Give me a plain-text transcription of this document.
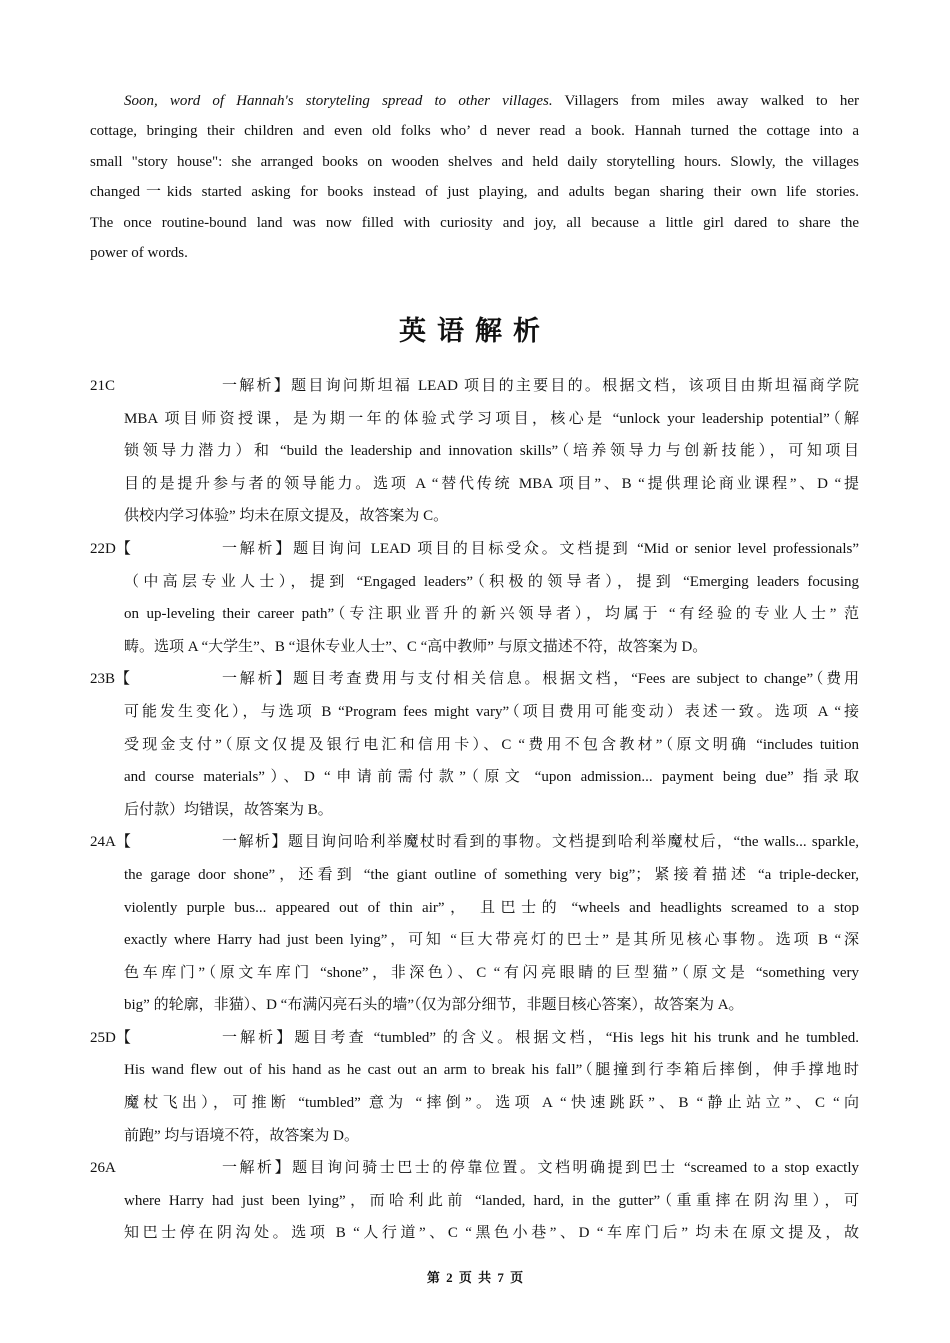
Soon, word of Hannah's storyteling spread to other villages. Villagers from miles away walked to her
cottage, bringing their children and even old folks who’ d never read a book. Hannah turned the cottage into a
small "story house": she arranged books on wooden shelves and held daily storytelling hours. Slowly, the villages
changed一kids started asking for books instead of just playing, and adults began sharing their own life stories.
The once routine-bound land was now filled with curiosity and joy, all because a little girl dared to share the
power of words.
英语解析
21C	一解析】题目询问斯坦福 LEAD 项目的主要目的。根据文档，该项目由斯坦福商学院
MBA 项目师资授课，是为期一年的体验式学习项目，核心是 “unlock your leadership potential”（解
锁领导力潜力）和 “build the leadership and innovation skills”（培养领导力与创新技能），可知项目
目的是提升参与者的领导能力。选项 A “替代传统 MBA 项目”、B “提供理论商业课程”、D “提
供校内学习体验” 均未在原文提及，故答案为 C。
22D【	一解析】题目询问 LEAD 项目的目标受众。文档提到 “Mid or senior level professionals”
（中高层专业人士），提到 “Engaged leaders”（积极的领导者），提到 “Emerging leaders focusing
on up-leveling their career path”（专注职业晋升的新兴领导者），均属于 “有经验的专业人士” 范
畴。选项 A “大学生”、B “退休专业人士”、C “高中教师” 与原文描述不符，故答案为 D。
23B【	一解析】题目考查费用与支付相关信息。根据文档，“Fees are subject to change”（费用
可能发生变化），与选项 B “Program fees might vary”（项目费用可能变动）表述一致。选项 A “接
受现金支付”（原文仅提及银行电汇和信用卡）、C “费用不包含教材”（原文明确 “includes tuition
and course materials”）、D “申请前需付款”（原文 “upon admission... payment being due” 指录取
后付款）均错误，故答案为 B。
24A【	一解析】题目询问哈利举魔杖时看到的事物。文档提到哈利举魔杖后，“the walls... sparkle,
the garage door shone”，还看到 “the giant outline of something very big”；紧接着描述 “a triple-decker,
violently purple bus... appeared out of thin air”， 且巴士的 “wheels and headlights screamed to a stop
exactly where Harry had just been lying”，可知 “巨大带亮灯的巴士” 是其所见核心事物。选项 B “深
色车库门”（原文车库门 “shone”，非深色）、C “有闪亮眼睛的巨型猫”（原文是 “something very
big” 的轮廓，非猫）、D “布满闪亮石头的墙”（仅为部分细节，非题目核心答案），故答案为 A。
25D【	一解析】题目考查 “tumbled” 的含义。根据文档，“His legs hit his trunk and he tumbled.
His wand flew out of his hand as he cast out an arm to break his fall”（腿撞到行李箱后摔倒，伸手撑地时
魔杖飞出），可推断 “tumbled” 意为 “摔倒”。选项 A “快速跳跃”、B “静止站立”、C “向
前跑” 均与语境不符，故答案为 D。
26A	一解析】题目询问骑士巴士的停靠位置。文档明确提到巴士 “screamed to a stop exactly
where Harry had just been lying”，而哈利此前 “landed, hard, in the gutter”（重重摔在阴沟里），可
知巴士停在阴沟处。选项 B “人行道”、C “黑色小巷”、D “车库门后” 均未在原文提及，故
第 2 页 共 7 页
